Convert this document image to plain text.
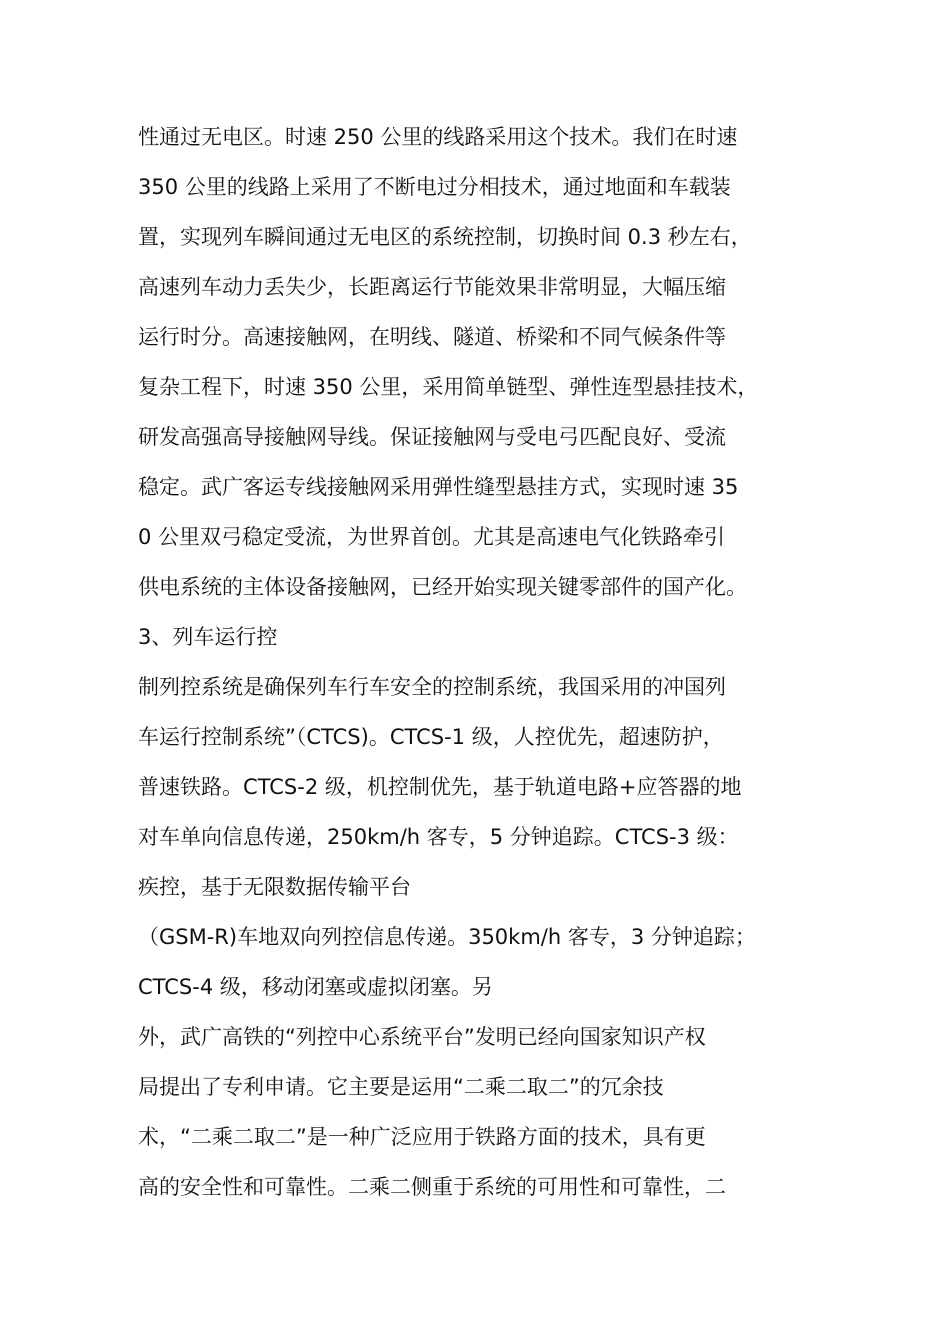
性通过无电区。时速 250 公里的线路采用这个技术。我们在时速
350 公里的线路上采用了不断电过分相技术，通过地面和车载装
置，实现列车瞬间通过无电区的系统控制，切换时间 0.3 秒左右，
高速列车动力丢失少，长距离运行节能效果非常明显，大幅压缩
运行时分。高速接触网，在明线、隧道、桥梁和不同气候条件等
复杂工程下，时速 350 公里，采用简单链型、弹性连型悬挂技术，
研发高强高导接触网导线。保证接触网与受电弓匹配良好、受流
稳定。武广客运专线接触网采用弹性缝型悬挂方式，实现时速 35
0 公里双弓稳定受流，为世界首创。尤其是高速电气化铁路牵引
供电系统的主体设备接触网，已经开始实现关键零部件的国产化。
3、列车运行控
制列控系统是确保列车行车安全的控制系统，我国采用的冲国列
车运行控制系统”（CTCS)。CTCS-1 级，人控优先，超速防护，
普速铁路。CTCS-2 级，机控制优先，基于轨道电路+应答器的地
对车单向信息传递，250km/h 客专，5 分钟追踪。CTCS-3 级：
疾控，基于无限数据传输平台
（GSM-R)车地双向列控信息传递。350km/h 客专，3 分钟追踪；
CTCS-4 级，移动闭塞或虚拟闭塞。另
外，武广高铁的“列控中心系统平台”发明已经向国家知识产权
局提出了专利申请。它主要是运用“二乘二取二”的冗余技
术，“二乘二取二”是一种广泛应用于铁路方面的技术，具有更
高的安全性和可靠性。二乘二侧重于系统的可用性和可靠性，二
